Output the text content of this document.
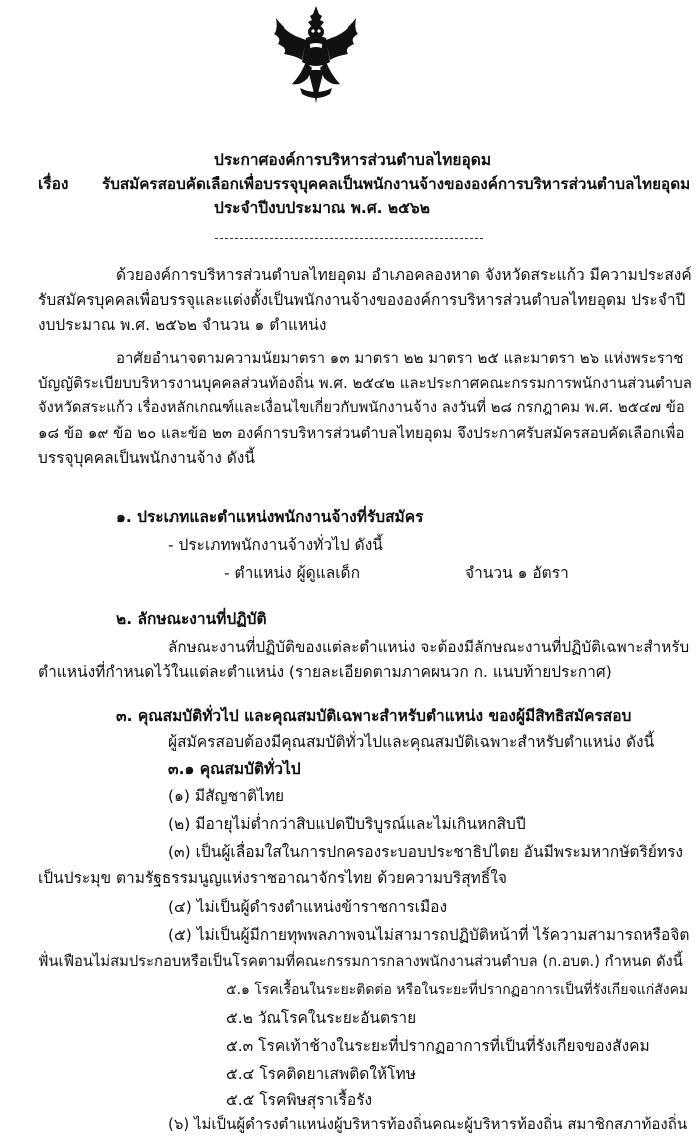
ประกาศองค์การบริหารส่วนตำบลไทยอุดม
เรื่อง รับสมัครสอบคัดเลือกเพื่อบรรจุบุคคลเป็นพนักงานจ้างขององค์การบริหารส่วนตำบลไทยอุดม
ประจำปีงบประมาณ พ.ศ. ๒๕๖๒
ด้วยองค์การบริหารส่วนตำบลไทยอุดม อำเภอคลองหาด จังหวัดสระแก้ว มีความประสงค์
รับสมัครบุคคลเพื่อบรรจุและแต่งตั้งเป็นพนักงานจ้างขององค์การบริหารส่วนตำบลไทยอุดม ประจำปี
งบประมาณ พ.ศ. ๒๕๖๒ จำนวน ๑ ตำแหน่ง
อาศัยอำนาจตามความนัยมาตรา ๑๓ มาตรา ๒๒ มาตรา ๒๕ และมาตรา ๒๖ แห่งพระราช
บัญญัติระเบียบบริหารงานบุคคลส่วนท้องถิ่น พ.ศ. ๒๕๔๒ และประกาศคณะกรรมการพนักงานส่วนตำบล
จังหวัดสระแก้ว เรื่องหลักเกณฑ์และเงื่อนไขเกี่ยวกับพนักงานจ้าง ลงวันที่ ๒๘ กรกฎาคม พ.ศ. ๒๕๔๗ ข้อ
๑๘ ข้อ ๑๙ ข้อ ๒๐ และข้อ ๒๓ องค์การบริหารส่วนตำบลไทยอุดม จึงประกาศรับสมัครสอบคัดเลือกเพื่อ
บรรจุบุคคลเป็นพนักงานจ้าง ดังนี้
๑. ประเภทและตำแหน่งพนักงานจ้างที่รับสมัคร
- ประเภทพนักงานจ้างทั่วไป ดังนี้
- ตำแหน่ง ผู้ดูแลเด็ก	จำนวน ๑ อัตรา
๒. ลักษณะงานที่ปฏิบัติ
ลักษณะงานที่ปฏิบัติของแต่ละตำแหน่ง จะต้องมีลักษณะงานที่ปฏิบัติเฉพาะสำหรับ
ตำแหน่งที่กำหนดไว้ในแต่ละตำแหน่ง (รายละเอียดตามภาคผนวก ก. แนบท้ายประกาศ)
๓. คุณสมบัติทั่วไป และคุณสมบัติเฉพาะสำหรับตำแหน่ง ของผู้มีสิทธิสมัครสอบ
ผู้สมัครสอบต้องมีคุณสมบัติทั่วไปและคุณสมบัติเฉพาะสำหรับตำแหน่ง ดังนี้
๓.๑ คุณสมบัติทั่วไป
(๑) มีสัญชาติไทย
(๒) มีอายุไม่ต่ำกว่าสิบแปดปีบริบูรณ์และไม่เกินหกสิบปี
(๓) เป็นผู้เลื่อมใสในการปกครองระบอบประชาธิปไตย อันมีพระมหากษัตริย์ทรง
เป็นประมุข ตามรัฐธรรมนูญแห่งราชอาณาจักรไทย ด้วยความบริสุทธิ์ใจ
(๔) ไม่เป็นผู้ดำรงตำแหน่งข้าราชการเมือง
(๕) ไม่เป็นผู้มีกายทุพพลภาพจนไม่สามารถปฏิบัติหน้าที่ ไร้ความสามารถหรือจิต
ฟั่นเฟือนไม่สมประกอบหรือเป็นโรคตามที่คณะกรรมการกลางพนักงานส่วนตำบล (ก.อบต.) กำหนด ดังนี้
๕.๑ โรคเรื้อนในระยะติดต่อ หรือในระยะที่ปรากฏอาการเป็นที่รังเกียจแก่สังคม
๕.๒ วัณโรคในระยะอันตราย
๕.๓ โรคเท้าช้างในระยะที่ปรากฏอาการที่เป็นที่รังเกียจของสังคม
๕.๔ โรคติดยาเสพติดให้โทษ
๕.๕ โรคพิษสุราเรื้อรัง
(๖) ไม่เป็นผู้ดำรงตำแหน่งผู้บริหารท้องถิ่นคณะผู้บริหารท้องถิ่น สมาชิกสภาท้องถิ่น
